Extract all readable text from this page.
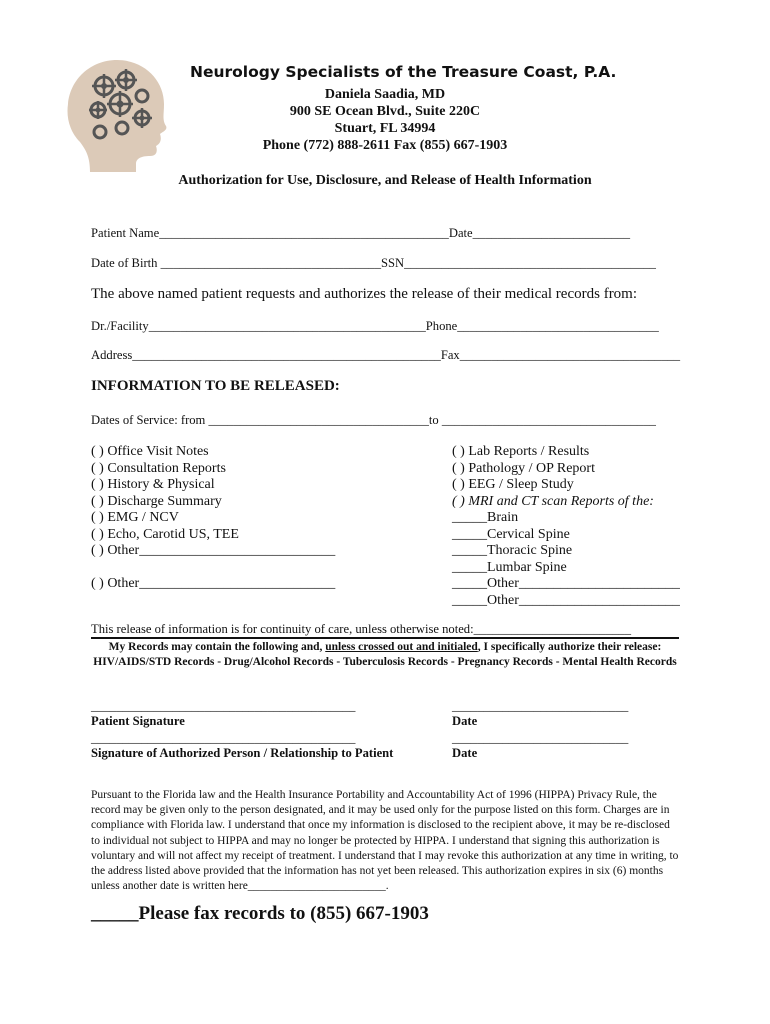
Neurology Specialists of the Treasure Coast, P.A.
Daniela Saadia, MD
900 SE Ocean Blvd., Suite 220C
Stuart, FL 34994
Phone (772) 888-2611 Fax (855) 667-1903
Authorization for Use, Disclosure, and Release of Health Information
Patient Name______________________________________________Date_________________________
Date of Birth ___________________________________SSN________________________________________
The above named patient requests and authorizes the release of their medical records from:
Dr./Facility____________________________________________Phone________________________________
Address_________________________________________________Fax___________________________________
INFORMATION TO BE RELEASED:
Dates of Service: from ___________________________________to __________________________________
( ) Office Visit Notes
( ) Consultation Reports
( ) History & Physical
( ) Discharge Summary
( ) EMG / NCV
( ) Echo, Carotid US, TEE
( ) Other____________________________
( ) Other____________________________
( ) Lab Reports / Results
( ) Pathology / OP Report
( ) EEG / Sleep Study
( ) MRI and CT scan Reports of the:
_____Brain
_____Cervical Spine
_____Thoracic Spine
_____Lumbar Spine
_____Other_______________________
_____Other_______________________
This release of information is for continuity of care, unless otherwise noted:_________________________
My Records may contain the following and, unless crossed out and initialed, I specifically authorize their release:
HIV/AIDS/STD Records - Drug/Alcohol Records - Tuberculosis Records - Pregnancy Records - Mental Health Records
__________________________________________	____________________________
Patient Signature	Date
__________________________________________	____________________________
Signature of Authorized Person / Relationship to Patient	Date

Pursuant to the Florida law and the Health Insurance Portability and Accountability Act of 1996 (HIPPA) Privacy Rule, the record may be given only to the person designated, and it may be used only for the purpose listed on this form. Charges are in compliance with Florida law. I understand that once my information is disclosed to the recipient above, it may be re-disclosed to individual not subject to HIPPA and may no longer be protected by HIPPA. I understand that signing this authorization is voluntary and will not affect my receipt of treatment. I understand that I may revoke this authorization at any time in writing, to the address listed above provided that the information has not yet been released. This authorization expires in six (6) months unless another date is written here________________________.

_____Please fax records to (855) 667-1903
